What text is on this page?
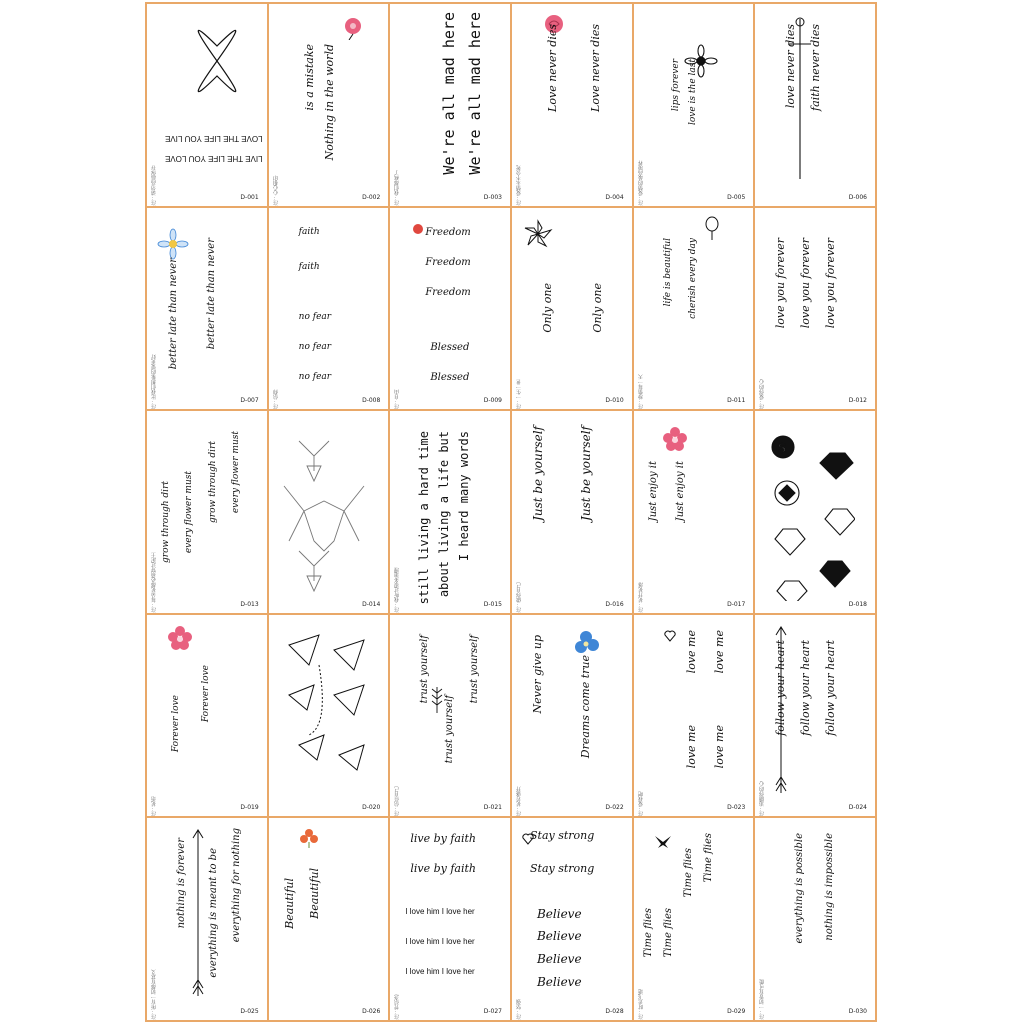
注：请勿高温保存
LOVE THE LIFE YOU LIVE
LIVE THE LIFE YOU LOVE
D-001	注：心心相印
Nothing in the world
is a mistake
D-002	注：我们都疯了
We're all mad here
We're all mad here
D-003	注：爱情永不会死
Love never dies	Love never dies
D-004	注：爱情的最高境界
love is the last
lips forever
D-005
faith never dies
love never dies
D-006
注：比我们想象的要更好
better late than never	better late than never
D-007	注：信仰
faith
faith
no fear
no fear
no fear
D-008	注：自由
Freedom
Freedom
Freedom
Blessed
Blessed
D-009	注：一生一世
Only one
Only one
D-010	注：珍惜每一天
cherish every day
life is beautiful
D-011	注：爱你的心
love you forever
love you forever
love you forever
D-012
注：每朵花都必须穿过泥土
every flower must
grow through dirt
every flower must
grow through dirt
D-013	D-014	注：我听过很多道理
I heard many words
about living a life but
still living a hard time	D-015	注：做你自己
Just be yourself
Just be yourself
D-016	注：花开花落
Just enjoy it
Just enjoy it
D-017
$
D-018
注：花语
Forever love
Forever love
D-019	D-020	注：信任自己
trust yourself
trust yourself
trust yourself
D-021	注：花若盛开
Dreams come true
Never give up
D-022	注：爱我吧
love me
love me
love me
love me
D-023	注：追随你的心
follow your heart
follow your heart
follow your heart
D-024
注：所有一切都有意义
everything for nothing
everything is meant to be
nothing is forever
D-025
Beautiful
Beautiful
D-026	注：凭信念
live by faith
live by faith
I love him I love her
I love him I love her
I love him I love her
D-027	注：坚强
Stay strong
Stay strong
Believe
Believe
Believe
Believe
D-028	注：时光飞逝
Time flies
Time flies
Time flies
Time flies
D-029	注：一切皆有可能
nothing is impossible
everything is possible
D-030
